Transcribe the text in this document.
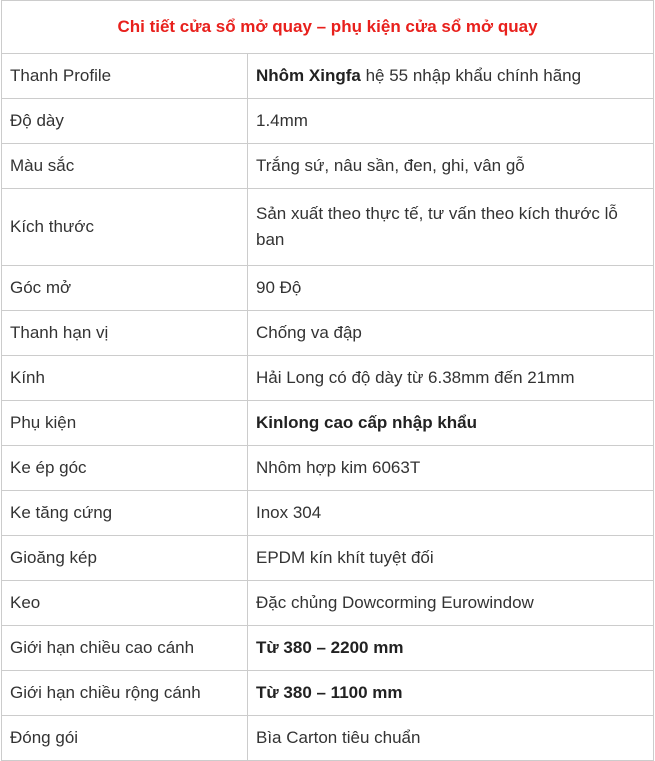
Chi tiết cửa sổ mở quay – phụ kiện cửa sổ mở quay	
Thanh Profile	Nhôm Xingfa hệ 55 nhập khẩu chính hãng
Độ dày	1.4mm
Màu sắc	Trắng sứ, nâu sần, đen, ghi, vân gỗ
Kích thước	Sản xuất theo thực tế, tư vấn theo kích thước lỗ ban
Góc mở	90 Độ
Thanh hạn vị	Chống va đập
Kính	Hải Long có độ dày từ 6.38mm đến 21mm
Phụ kiện	Kinlong cao cấp nhập khẩu
Ke ép góc	Nhôm hợp kim 6063T
Ke tăng cứng	Inox 304
Gioăng kép	EPDM kín khít tuyệt đối
Keo	Đặc chủng Dowcorming Eurowindow
Giới hạn chiều cao cánh	Từ 380 – 2200 mm
Giới hạn chiều rộng cánh	Từ 380 – 1100 mm
Đóng gói	Bìa Carton tiêu chuẩn
